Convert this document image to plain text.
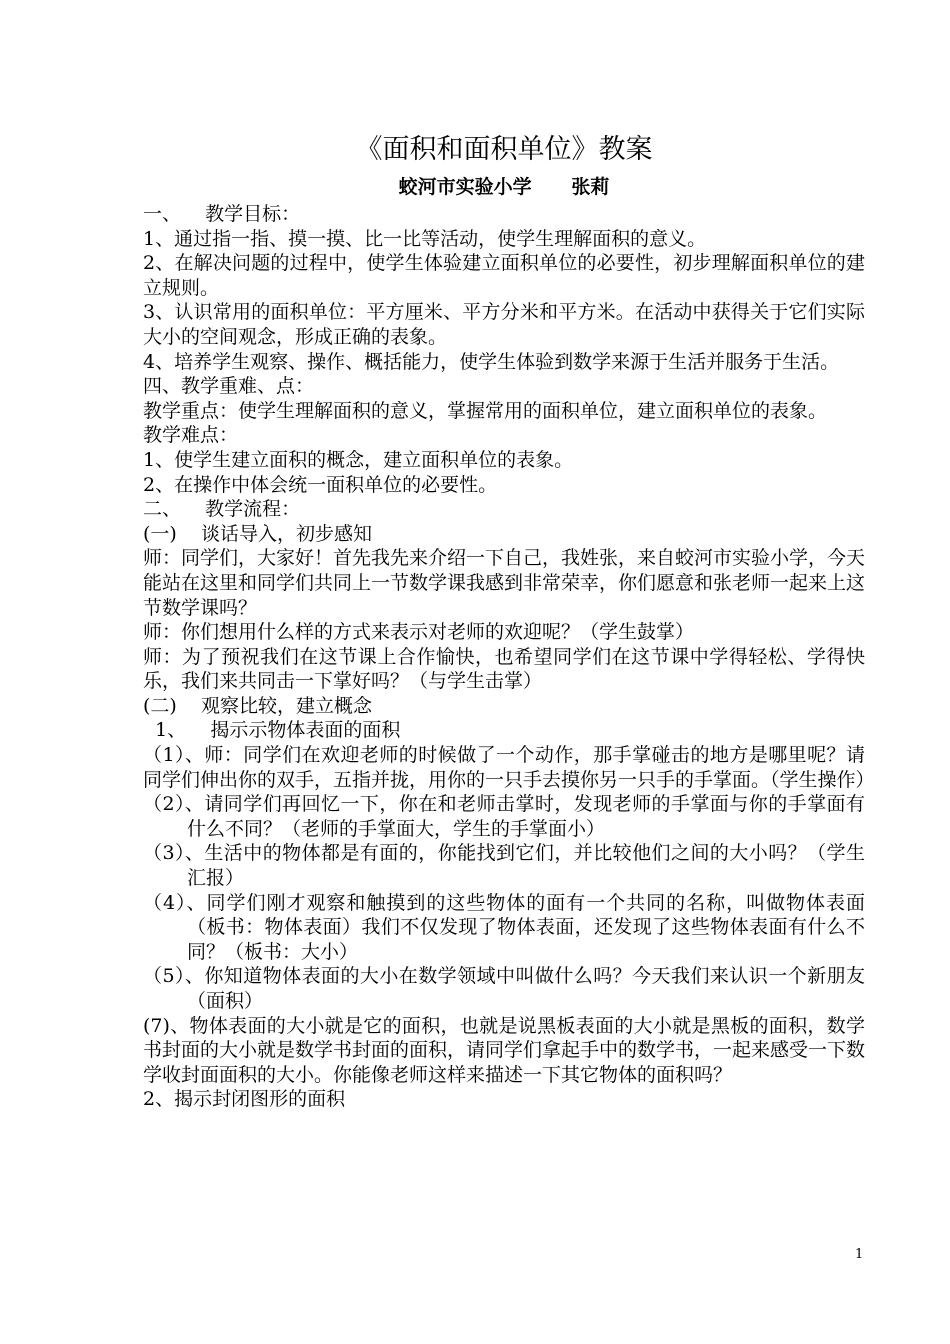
《面积和面积单位》教案
蛟河市实验小学      张莉
一、    教学目标：
1、通过指一指、摸一摸、比一比等活动，使学生理解面积的意义。
2、在解决问题的过程中，使学生体验建立面积单位的必要性，初步理解面积单位的建立规则。
3、认识常用的面积单位：平方厘米、平方分米和平方米。在活动中获得关于它们实际大小的空间观念，形成正确的表象。
4、培养学生观察、操作、概括能力，使学生体验到数学来源于生活并服务于生活。
四、教学重难、点：
教学重点：使学生理解面积的意义，掌握常用的面积单位，建立面积单位的表象。
教学难点：
1、使学生建立面积的概念，建立面积单位的表象。
2、在操作中体会统一面积单位的必要性。
二、    教学流程：
(一)    谈话导入，初步感知
师：同学们，大家好！首先我先来介绍一下自己，我姓张，来自蛟河市实验小学，今天能站在这里和同学们共同上一节数学课我感到非常荣幸，你们愿意和张老师一起来上这节数学课吗？
师：你们想用什么样的方式来表示对老师的欢迎呢？（学生鼓掌）
师：为了预祝我们在这节课上合作愉快，也希望同学们在这节课中学得轻松、学得快乐，我们来共同击一下掌好吗？（与学生击掌）
(二)    观察比较，建立概念
1、    揭示示物体表面的面积
（1）、师：同学们在欢迎老师的时候做了一个动作，那手掌碰击的地方是哪里呢？请同学们伸出你的双手，五指并拢，用你的一只手去摸你另一只手的手掌面。（学生操作）
（2）、请同学们再回忆一下，你在和老师击掌时，发现老师的手掌面与你的手掌面有什么不同？（老师的手掌面大，学生的手掌面小）
（3）、生活中的物体都是有面的，你能找到它们，并比较他们之间的大小吗？（学生汇报）
（4）、同学们刚才观察和触摸到的这些物体的面有一个共同的名称，叫做物体表面（板书：物体表面）我们不仅发现了物体表面，还发现了这些物体表面有什么不同？（板书：大小）
（5）、你知道物体表面的大小在数学领域中叫做什么吗？今天我们来认识一个新朋友（面积）
(7)、物体表面的大小就是它的面积，也就是说黑板表面的大小就是黑板的面积，数学书封面的大小就是数学书封面的面积，请同学们拿起手中的数学书，一起来感受一下数学收封面面积的大小。你能像老师这样来描述一下其它物体的面积吗？
2、揭示封闭图形的面积
1
